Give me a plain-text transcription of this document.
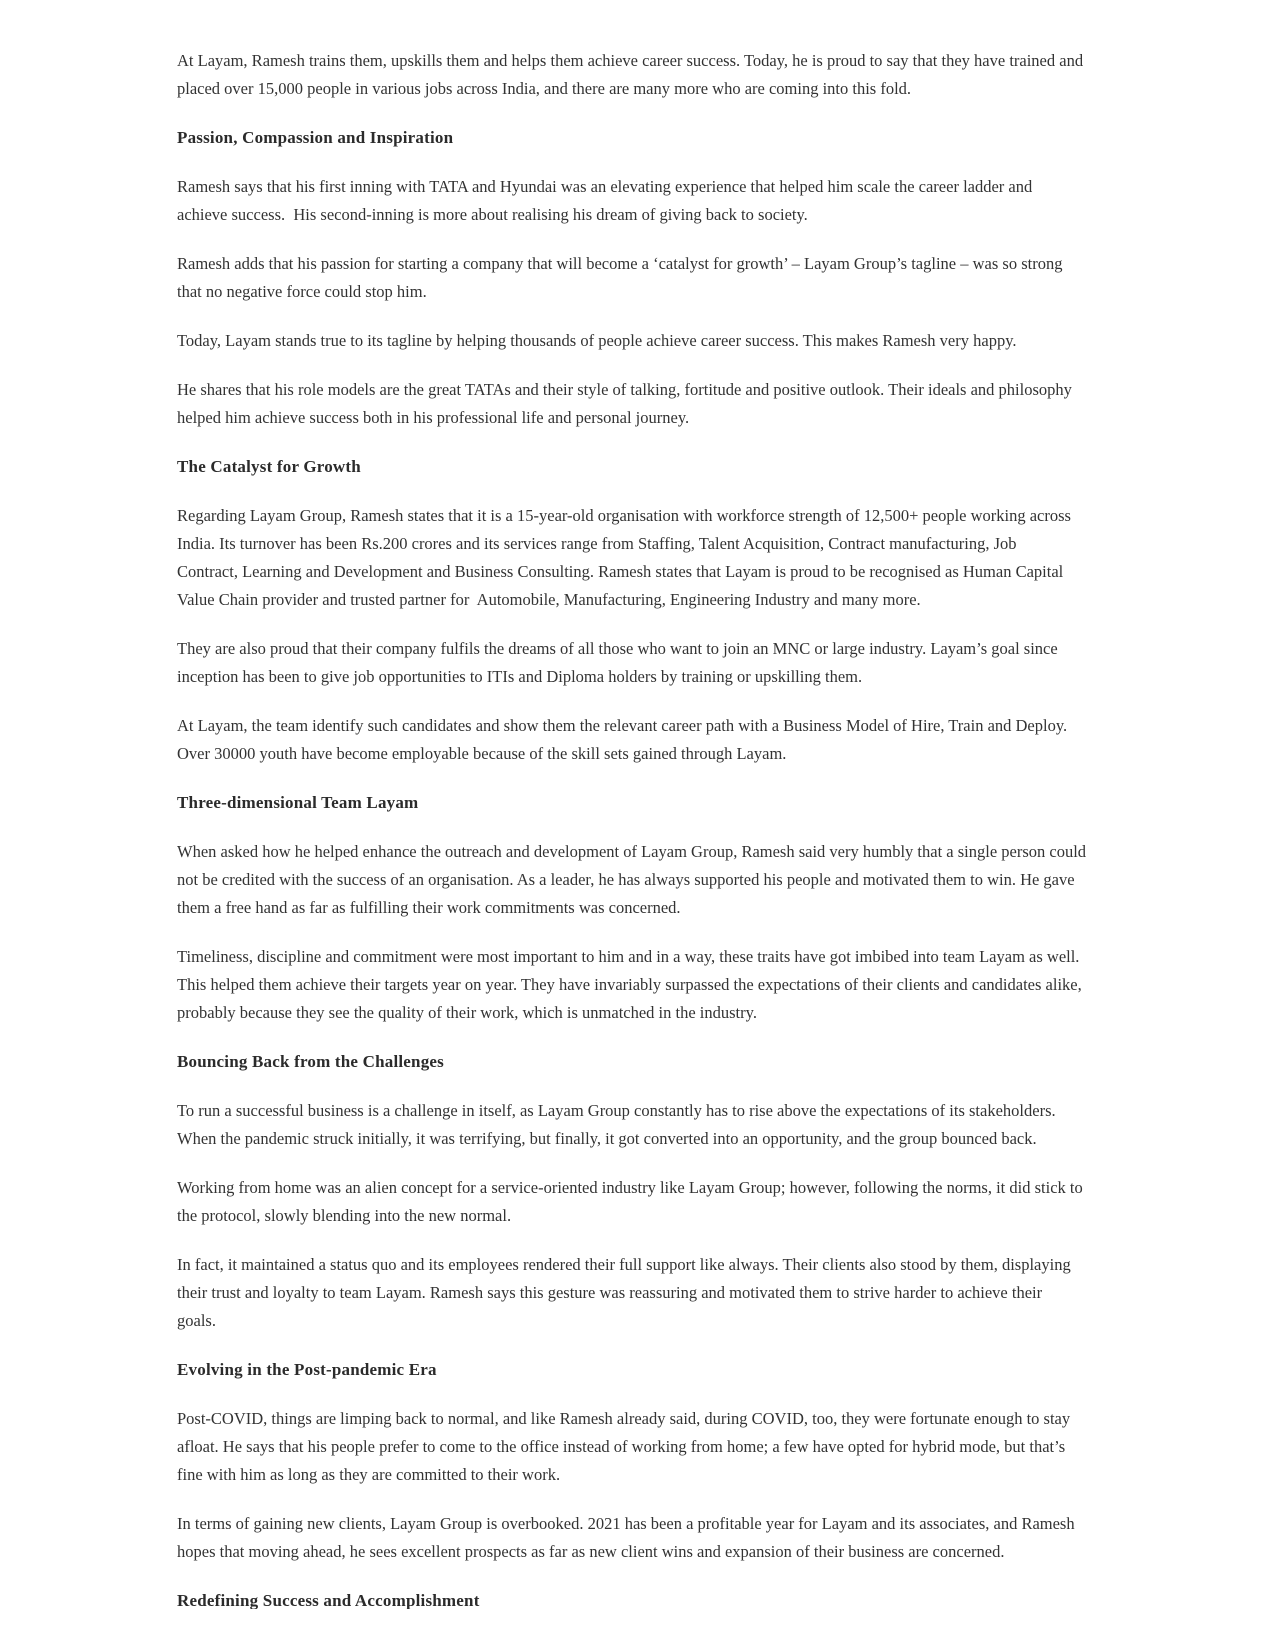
At Layam, Ramesh trains them, upskills them and helps them achieve career success. Today, he is proud to say that they have trained and
placed over 15,000 people in various jobs across India, and there are many more who are coming into this fold.

Passion, Compassion and Inspiration

Ramesh says that his first inning with TATA and Hyundai was an elevating experience that helped him scale the career ladder and
achieve success.  His second-inning is more about realising his dream of giving back to society.

Ramesh adds that his passion for starting a company that will become a ‘catalyst for growth’ – Layam Group’s tagline – was so strong
that no negative force could stop him.

Today, Layam stands true to its tagline by helping thousands of people achieve career success. This makes Ramesh very happy.

He shares that his role models are the great TATAs and their style of talking, fortitude and positive outlook. Their ideals and philosophy
helped him achieve success both in his professional life and personal journey.

The Catalyst for Growth

Regarding Layam Group, Ramesh states that it is a 15-year-old organisation with workforce strength of 12,500+ people working across
India. Its turnover has been Rs.200 crores and its services range from Staffing, Talent Acquisition, Contract manufacturing, Job
Contract, Learning and Development and Business Consulting. Ramesh states that Layam is proud to be recognised as Human Capital
Value Chain provider and trusted partner for  Automobile, Manufacturing, Engineering Industry and many more.

They are also proud that their company fulfils the dreams of all those who want to join an MNC or large industry. Layam’s goal since
inception has been to give job opportunities to ITIs and Diploma holders by training or upskilling them.

At Layam, the team identify such candidates and show them the relevant career path with a Business Model of Hire, Train and Deploy.
Over 30000 youth have become employable because of the skill sets gained through Layam.

Three-dimensional Team Layam

When asked how he helped enhance the outreach and development of Layam Group, Ramesh said very humbly that a single person could
not be credited with the success of an organisation. As a leader, he has always supported his people and motivated them to win. He gave
them a free hand as far as fulfilling their work commitments was concerned.

Timeliness, discipline and commitment were most important to him and in a way, these traits have got imbibed into team Layam as well.
This helped them achieve their targets year on year. They have invariably surpassed the expectations of their clients and candidates alike,
probably because they see the quality of their work, which is unmatched in the industry.

Bouncing Back from the Challenges

To run a successful business is a challenge in itself, as Layam Group constantly has to rise above the expectations of its stakeholders.
When the pandemic struck initially, it was terrifying, but finally, it got converted into an opportunity, and the group bounced back.

Working from home was an alien concept for a service-oriented industry like Layam Group; however, following the norms, it did stick to
the protocol, slowly blending into the new normal.

In fact, it maintained a status quo and its employees rendered their full support like always. Their clients also stood by them, displaying
their trust and loyalty to team Layam. Ramesh says this gesture was reassuring and motivated them to strive harder to achieve their
goals.

Evolving in the Post-pandemic Era

Post-COVID, things are limping back to normal, and like Ramesh already said, during COVID, too, they were fortunate enough to stay
afloat. He says that his people prefer to come to the office instead of working from home; a few have opted for hybrid mode, but that’s
fine with him as long as they are committed to their work.

In terms of gaining new clients, Layam Group is overbooked. 2021 has been a profitable year for Layam and its associates, and Ramesh
hopes that moving ahead, he sees excellent prospects as far as new client wins and expansion of their business are concerned.

Redefining Success and Accomplishment
